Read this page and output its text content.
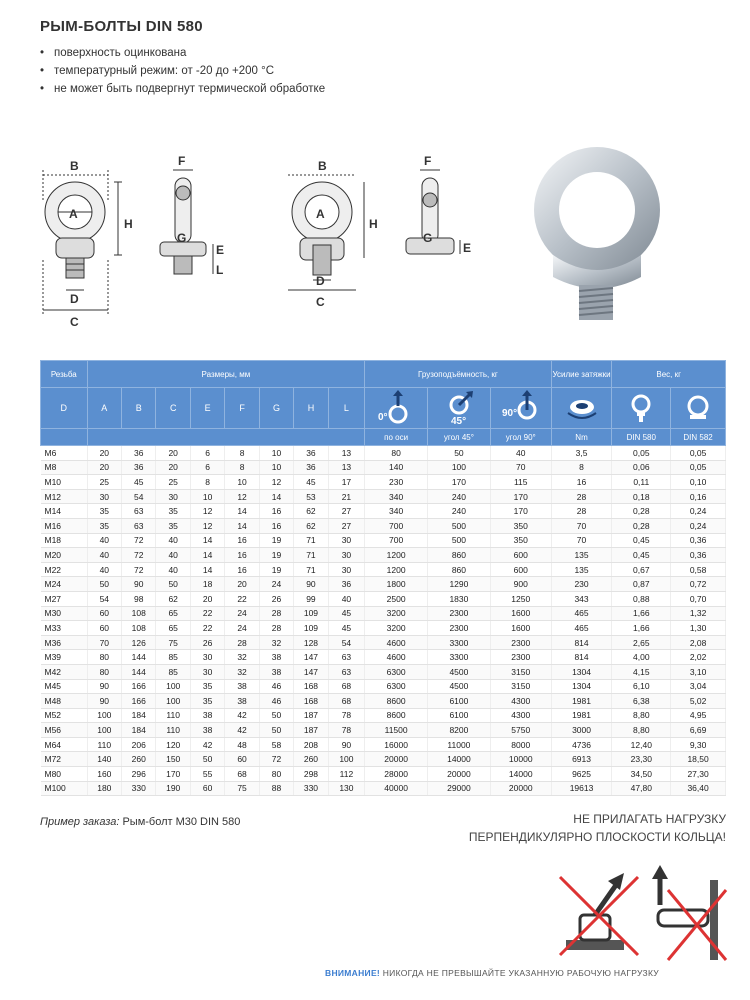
РЫМ-БОЛТЫ DIN 580
• поверхность оцинкована
• температурный режим: от -20 до +200 °C
• не может быть подвергнут термической обработке
B
A
H
D
C
F
G
E
L
B
A
H
D
C
F
G
E
Резьба	Размеры, мм								Грузоподъёмность, кг			Усилие затяжки	Вес, кг	
D	A	B	C	E	F	G	H	L	0°	45°	90°

									по оси	угол 45°	угол 90°	Nm	DIN 580	DIN 582
M6	20	36	20	6	8	10	36	13	80	50	40	3,5	0,05	0,05
M8	20	36	20	6	8	10	36	13	140	100	70	8	0,06	0,05
M10	25	45	25	8	10	12	45	17	230	170	115	16	0,11	0,10
M12	30	54	30	10	12	14	53	21	340	240	170	28	0,18	0,16
M14	35	63	35	12	14	16	62	27	340	240	170	28	0,28	0,24
M16	35	63	35	12	14	16	62	27	700	500	350	70	0,28	0,24
M18	40	72	40	14	16	19	71	30	700	500	350	70	0,45	0,36
M20	40	72	40	14	16	19	71	30	1200	860	600	135	0,45	0,36
M22	40	72	40	14	16	19	71	30	1200	860	600	135	0,67	0,58
M24	50	90	50	18	20	24	90	36	1800	1290	900	230	0,87	0,72
M27	54	98	62	20	22	26	99	40	2500	1830	1250	343	0,88	0,70
M30	60	108	65	22	24	28	109	45	3200	2300	1600	465	1,66	1,32
M33	60	108	65	22	24	28	109	45	3200	2300	1600	465	1,66	1,30
M36	70	126	75	26	28	32	128	54	4600	3300	2300	814	2,65	2,08
M39	80	144	85	30	32	38	147	63	4600	3300	2300	814	4,00	2,02
M42	80	144	85	30	32	38	147	63	6300	4500	3150	1304	4,15	3,10
M45	90	166	100	35	38	46	168	68	6300	4500	3150	1304	6,10	3,04
M48	90	166	100	35	38	46	168	68	8600	6100	4300	1981	6,38	5,02
M52	100	184	110	38	42	50	187	78	8600	6100	4300	1981	8,80	4,95
M56	100	184	110	38	42	50	187	78	11500	8200	5750	3000	8,80	6,69
M64	110	206	120	42	48	58	208	90	16000	11000	8000	4736	12,40	9,30
M72	140	260	150	50	60	72	260	100	20000	14000	10000	6913	23,30	18,50
M80	160	296	170	55	68	80	298	112	28000	20000	14000	9625	34,50	27,30
M100	180	330	190	60	75	88	330	130	40000	29000	20000	19613	47,80	36,40
Пример заказа: Рым-болт M30 DIN 580	НЕ ПРИЛАГАТЬ НАГРУЗКУ
ПЕРПЕНДИКУЛЯРНО ПЛОСКОСТИ КОЛЬЦА!
ВНИМАНИЕ! НИКОГДА НЕ ПРЕВЫШАЙТЕ УКАЗАННУЮ РАБОЧУЮ НАГРУЗКУ
